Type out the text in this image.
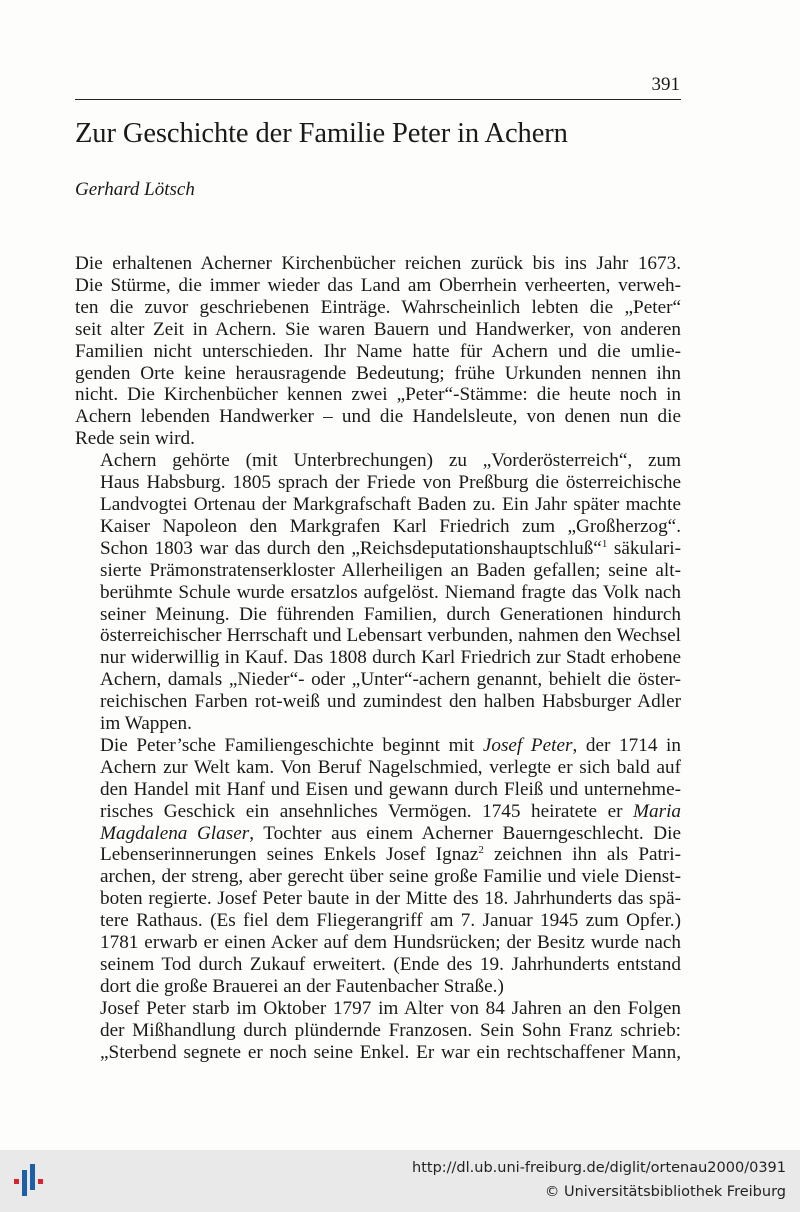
391
Zur Geschichte der Familie Peter in Achern
Gerhard Lötsch
Die erhaltenen Acherner Kirchenbücher reichen zurück bis ins Jahr 1673.
Die Stürme, die immer wieder das Land am Oberrhein verheerten, verweh-
ten die zuvor geschriebenen Einträge. Wahrscheinlich lebten die „Peter“
seit alter Zeit in Achern. Sie waren Bauern und Handwerker, von anderen
Familien nicht unterschieden. Ihr Name hatte für Achern und die umlie-
genden Orte keine herausragende Bedeutung; frühe Urkunden nennen ihn
nicht. Die Kirchenbücher kennen zwei „Peter“-Stämme: die heute noch in
Achern lebenden Handwerker – und die Handelsleute, von denen nun die
Rede sein wird.
Achern gehörte (mit Unterbrechungen) zu „Vorderösterreich“, zum
Haus Habsburg. 1805 sprach der Friede von Preßburg die österreichische
Landvogtei Ortenau der Markgrafschaft Baden zu. Ein Jahr später machte
Kaiser Napoleon den Markgrafen Karl Friedrich zum „Großherzog“.
Schon 1803 war das durch den „Reichsdeputationshauptschluß“$^1$ säkulari-
sierte Prämonstratenserkloster Allerheiligen an Baden gefallen; seine alt-
berühmte Schule wurde ersatzlos aufgelöst. Niemand fragte das Volk nach
seiner Meinung. Die führenden Familien, durch Generationen hindurch
österreichischer Herrschaft und Lebensart verbunden, nahmen den Wechsel
nur widerwillig in Kauf. Das 1808 durch Karl Friedrich zur Stadt erhobene
Achern, damals „Nieder“- oder „Unter“-achern genannt, behielt die öster-
reichischen Farben rot-weiß und zumindest den halben Habsburger Adler
im Wappen.
Die Peter’sche Familiengeschichte beginnt mit Josef Peter, der 1714 in
Achern zur Welt kam. Von Beruf Nagelschmied, verlegte er sich bald auf
den Handel mit Hanf und Eisen und gewann durch Fleiß und unternehme-
risches Geschick ein ansehnliches Vermögen. 1745 heiratete er Maria
Magdalena Glaser, Tochter aus einem Acherner Bauerngeschlecht. Die
Lebenserinnerungen seines Enkels Josef Ignaz$^2$ zeichnen ihn als Patri-
archen, der streng, aber gerecht über seine große Familie und viele Dienst-
boten regierte. Josef Peter baute in der Mitte des 18. Jahrhunderts das spä-
tere Rathaus. (Es fiel dem Fliegerangriff am 7. Januar 1945 zum Opfer.)
1781 erwarb er einen Acker auf dem Hundsrücken; der Besitz wurde nach
seinem Tod durch Zukauf erweitert. (Ende des 19. Jahrhunderts entstand
dort die große Brauerei an der Fautenbacher Straße.)
Josef Peter starb im Oktober 1797 im Alter von 84 Jahren an den Folgen
der Mißhandlung durch plündernde Franzosen. Sein Sohn Franz schrieb:
„Sterbend segnete er noch seine Enkel. Er war ein rechtschaffener Mann,
http://dl.ub.uni-freiburg.de/diglit/ortenau2000/0391
© Universitätsbibliothek Freiburg
